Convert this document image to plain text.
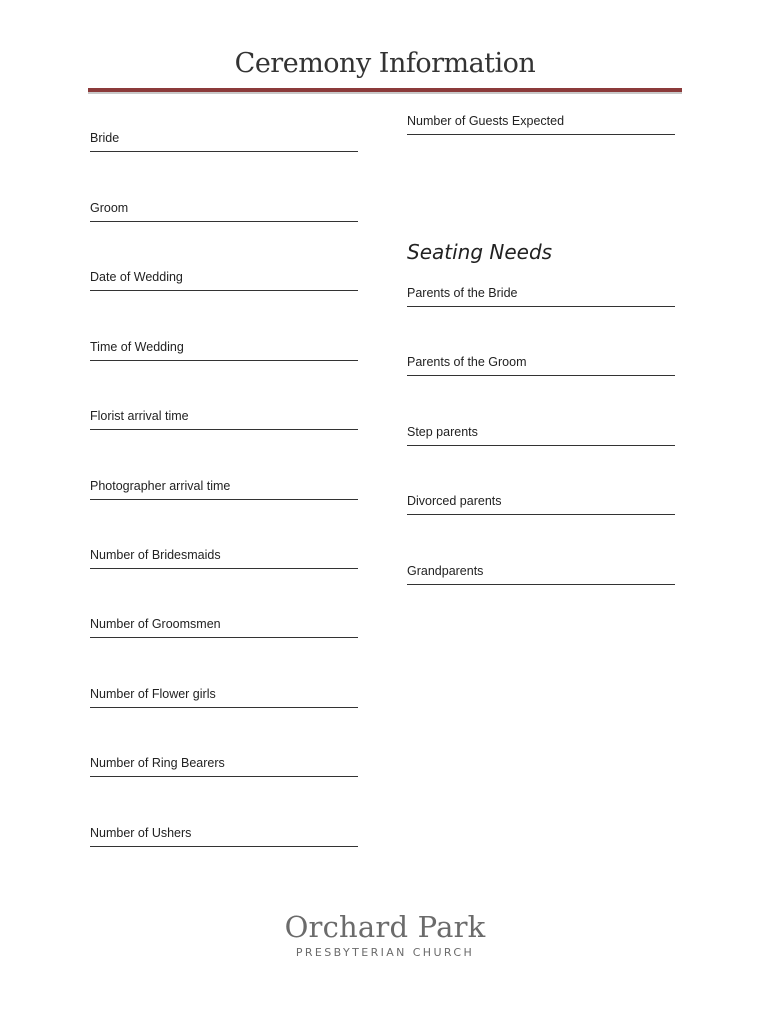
Ceremony Information
Bride
Groom
Date of Wedding
Time of Wedding
Florist arrival time
Photographer arrival time
Number of Bridesmaids
Number of Groomsmen
Number of Flower girls
Number of Ring Bearers
Number of Ushers
Number of Guests Expected
Seating Needs
Parents of the Bride
Parents of the Groom
Step parents
Divorced parents
Grandparents
Orchard Park
PRESBYTERIAN CHURCH
